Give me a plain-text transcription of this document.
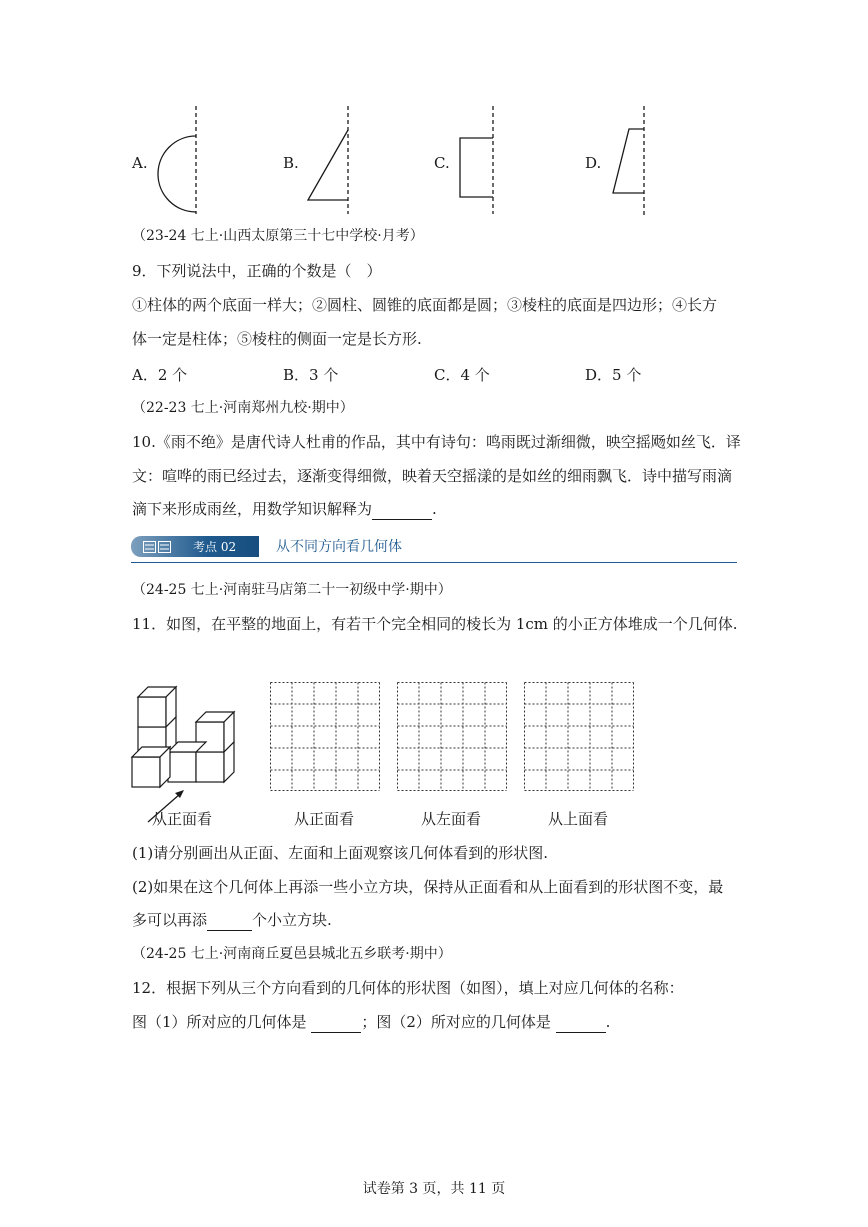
A.	B.	C.	D.
（23-24 七上·山西太原第三十七中学校·月考）
9．下列说法中，正确的个数是（　）
①柱体的两个底面一样大；②圆柱、圆锥的底面都是圆；③棱柱的底面是四边形；④长方
体一定是柱体；⑤棱柱的侧面一定是长方形.
A．2 个	B．3 个	C．4 个	D．5 个
（22-23 七上·河南郑州九校·期中）
10.《雨不绝》是唐代诗人杜甫的作品，其中有诗句：鸣雨既过渐细微，映空摇飏如丝飞．译
文：喧哗的雨已经过去，逐渐变得细微，映着天空摇漾的是如丝的细雨飘飞．诗中描写雨滴
滴下来形成雨丝，用数学知识解释为	.
考点 02	从不同方向看几何体
（24-25 七上·河南驻马店第二十一初级中学·期中）
11．如图，在平整的地面上，有若干个完全相同的棱长为 1cm 的小正方体堆成一个几何体.
从正面看	从正面看	从左面看	从上面看
(1)请分别画出从正面、左面和上面观察该几何体看到的形状图.
(2)如果在这个几何体上再添一些小立方块，保持从正面看和从上面看到的形状图不变，最
多可以再添	个小立方块.
（24-25 七上·河南商丘夏邑县城北五乡联考·期中）
12．根据下列从三个方向看到的几何体的形状图（如图），填上对应几何体的名称：
图（1）所对应的几何体是	；图（2）所对应的几何体是	.
试卷第 3 页，共 11 页
